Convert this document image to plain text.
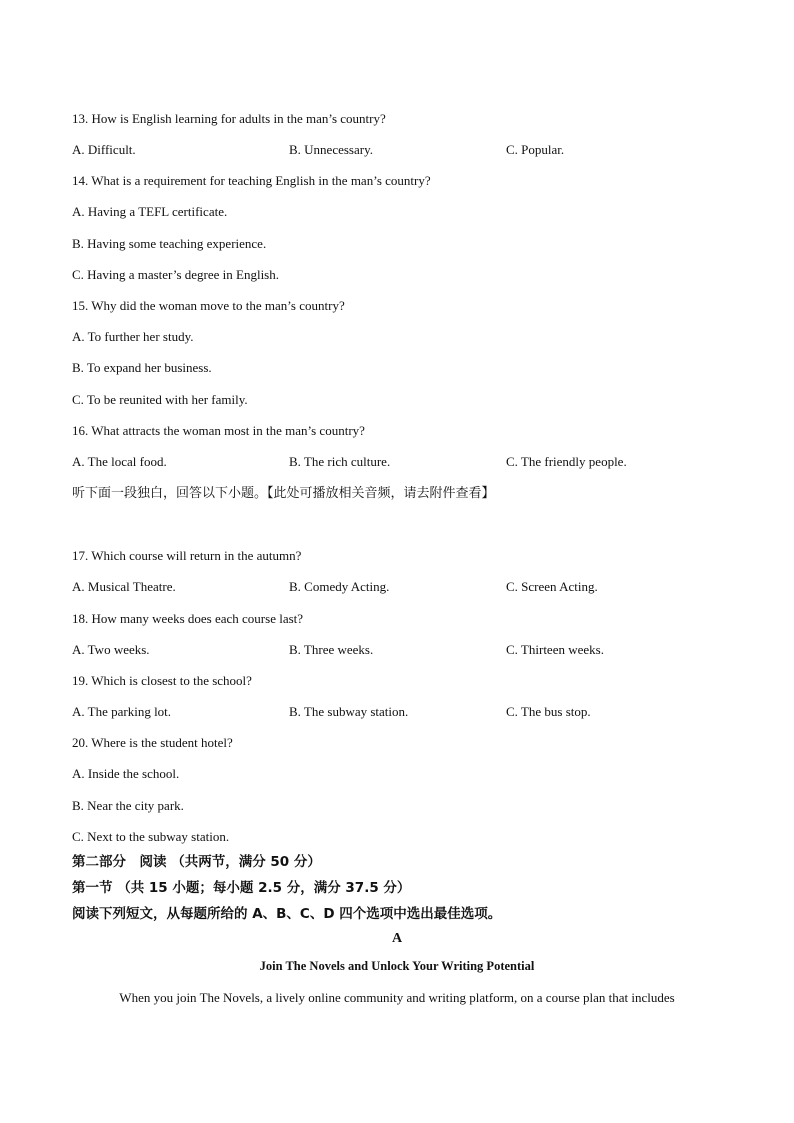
13. How is English learning for adults in the man’s country?
A. Difficult.	B. Unnecessary.	C. Popular.
14. What is a requirement for teaching English in the man’s country?
A. Having a TEFL certificate.
B. Having some teaching experience.
C. Having a master’s degree in English.
15. Why did the woman move to the man’s country?
A. To further her study.
B. To expand her business.
C. To be reunited with her family.
16. What attracts the woman most in the man’s country?
A. The local food.	B. The rich culture.	C. The friendly people.
听下面一段独白，回答以下小题。【此处可播放相关音频，请去附件查看】
17. Which course will return in the autumn?
A. Musical Theatre.	B. Comedy Acting.	C. Screen Acting.
18. How many weeks does each course last?
A. Two weeks.	B. Three weeks.	C. Thirteen weeks.
19. Which is closest to the school?
A. The parking lot.	B. The subway station.	C. The bus stop.
20. Where is the student hotel?
A. Inside the school.
B. Near the city park.
C. Next to the subway station.
第二部分　阅读 （共两节，满分 50 分）
第一节 （共 15 小题；每小题 2.5 分，满分 37.5 分）
阅读下列短文，从每题所给的 A、B、C、D 四个选项中选出最佳选项。
A
Join The Novels and Unlock Your Writing Potential
When you join The Novels, a lively online community and writing platform, on a course plan that includes
